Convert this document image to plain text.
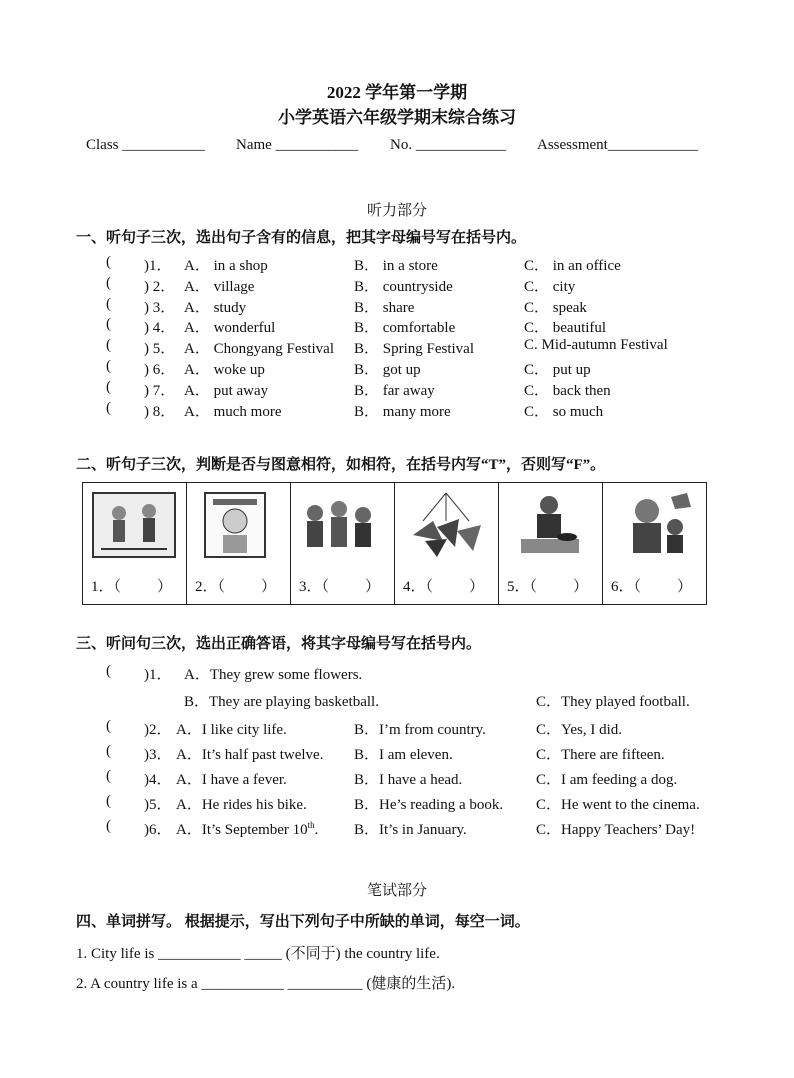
2022 学年第一学期
小学英语六年级学期末综合练习
Class ___________ Name ___________ No. ____________ Assessment____________
听力部分
一、听句子三次，选出句子含有的信息，把其字母编号写在括号内。
( )1． A． in a shop	B． in a store	C． in an office
( ) 2． A． village	B． countryside	C． city
( ) 3． A． study	B． share	C． speak
( ) 4． A． wonderful	B． comfortable	C． beautiful
( ) 5． A． Chongyang Festival B． Spring Festival	C. Mid-autumn Festival
( ) 6． A． woke up	B． got up	C． put up
( ) 7． A． put away	B． far away	C． back then
( ) 8． A． much more	B． many more	C． so much
二、听句子三次，判断是否与图意相符，如相符，在括号内写“T”，否则写“F”。
1．（ ） 2．（ ） 3．（ ） 4．（ ） 5．（ ） 6．（ ）
三、听问句三次，选出正确答语，将其字母编号写在括号内。
( )1． A．They grew some flowers.
B．They are playing basketball.	C．They played football.
( )2． A．I like city life.	B．I’m from country.	C．Yes, I did.
( )3． A．It’s half past twelve. B．I am eleven.	C．There are fifteen.
( )4． A．I have a fever.	B．I have a head.	C．I am feeding a dog.
( )5． A．He rides his bike.	B．He’s reading a book. C．He went to the cinema.
( )6． A．It’s September 10th. B．It’s in January.	C．Happy Teachers’ Day!
笔试部分
四、单词拼写。 根据提示，写出下列句子中所缺的单词，每空一词。
1. City life is ___________ _____ (不同于) the country life.
2. A country life is a ___________ __________ (健康的生活).
